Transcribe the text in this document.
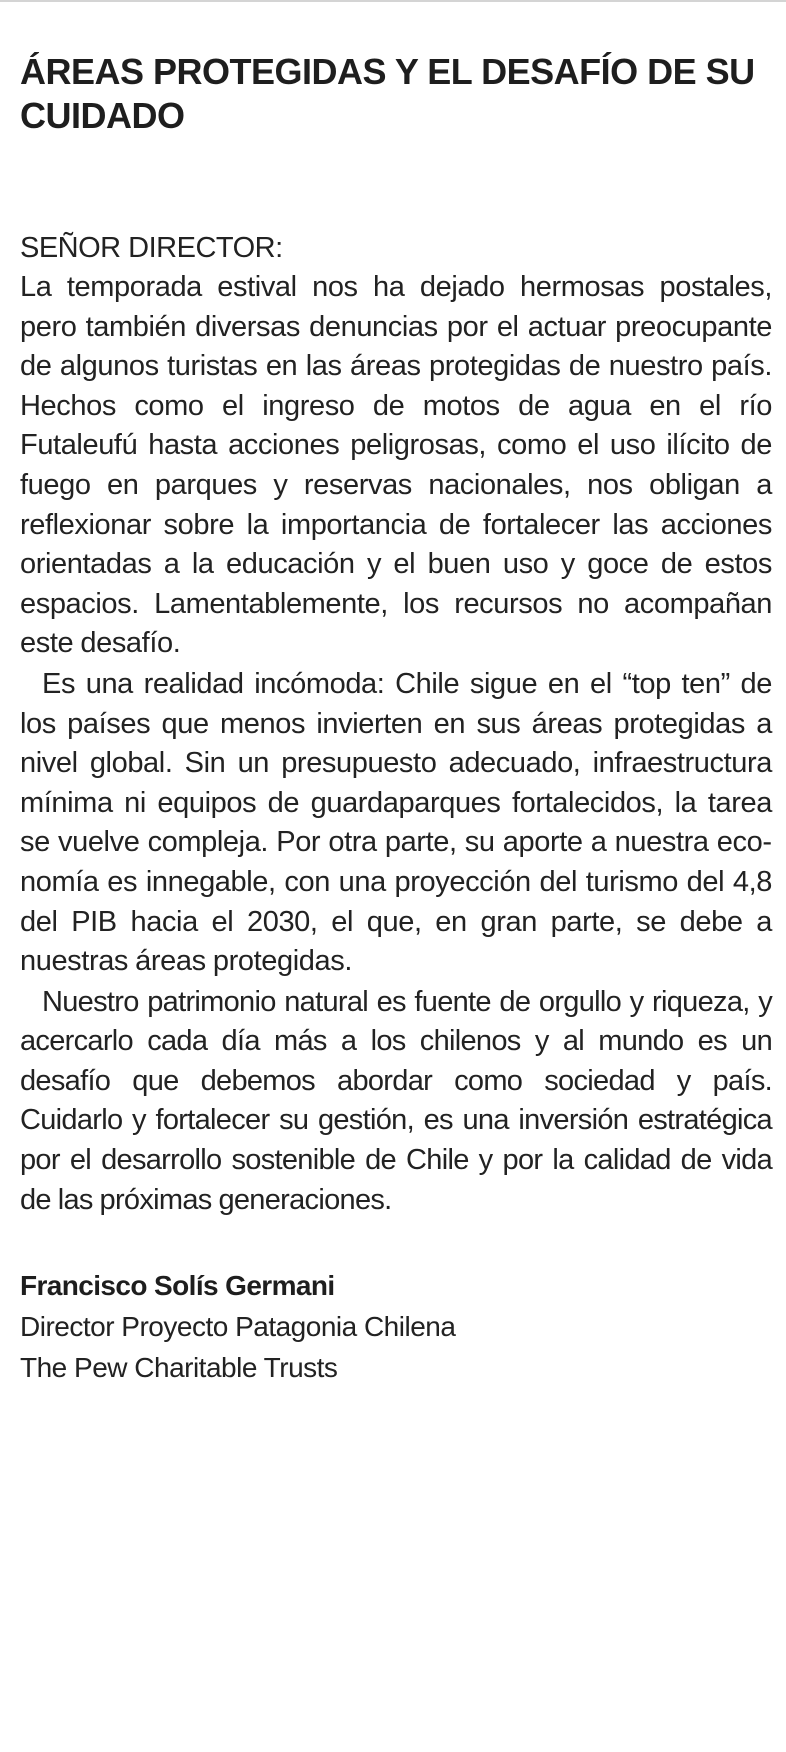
ÁREAS PROTEGIDAS Y EL DESAFÍO DE SU CUIDADO
SEÑOR DIRECTOR:

La temporada estival nos ha dejado hermosas postales, pero también diversas denuncias por el actuar preocupante de algunos turistas en las áreas protegidas de nuestro país. Hechos como el ingreso de motos de agua en el río Futaleufú hasta acciones peligrosas, como el uso ilícito de fuego en parques y reservas nacionales, nos obligan a reflexionar sobre la importancia de fortalecer las acciones orientadas a la educación y el buen uso y goce de estos espacios. Lamentablemente, los recursos no acompañan este desafío.

Es una realidad incómoda: Chile sigue en el “top ten” de los países que menos invierten en sus áreas protegidas a nivel global. Sin un presupuesto adecuado, infraestructura mínima ni equipos de guardaparques fortalecidos, la tarea se vuelve compleja. Por otra parte, su aporte a nuestra economía es innegable, con una proyección del turismo del 4,8 del PIB hacia el 2030, el que, en gran parte, se debe a nuestras áreas protegidas.

Nuestro patrimonio natural es fuente de orgullo y riqueza, y acercarlo cada día más a los chilenos y al mundo es un desafío que debemos abordar como sociedad y país. Cuidarlo y fortalecer su gestión, es una inversión estratégica por el desarrollo sostenible de Chile y por la calidad de vida de las próximas generaciones.

Francisco Solís Germani
Director Proyecto Patagonia Chilena
The Pew Charitable Trusts
